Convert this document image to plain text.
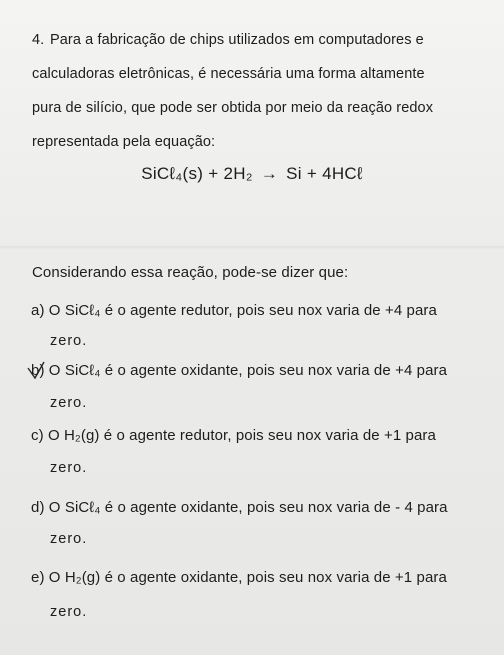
4. Para a fabricação de chips utilizados em computadores e
calculadoras eletrônicas, é necessária uma forma altamente
pura de silício, que pode ser obtida por meio da reação redox
representada pela equação:
SiCℓ₄(s) + 2H₂ → Si + 4HCℓ
Considerando essa reação, pode-se dizer que:
a) O SiCℓ₄ é o agente redutor, pois seu nox varia de +4 para
zero.
b) O SiCℓ₄ é o agente oxidante, pois seu nox varia de +4 para
zero.
c) O H₂(g) é o agente redutor, pois seu nox varia de +1 para
zero.
d) O SiCℓ₄ é o agente oxidante, pois seu nox varia de - 4 para
zero.
e) O H₂(g) é o agente oxidante, pois seu nox varia de +1 para
zero.
